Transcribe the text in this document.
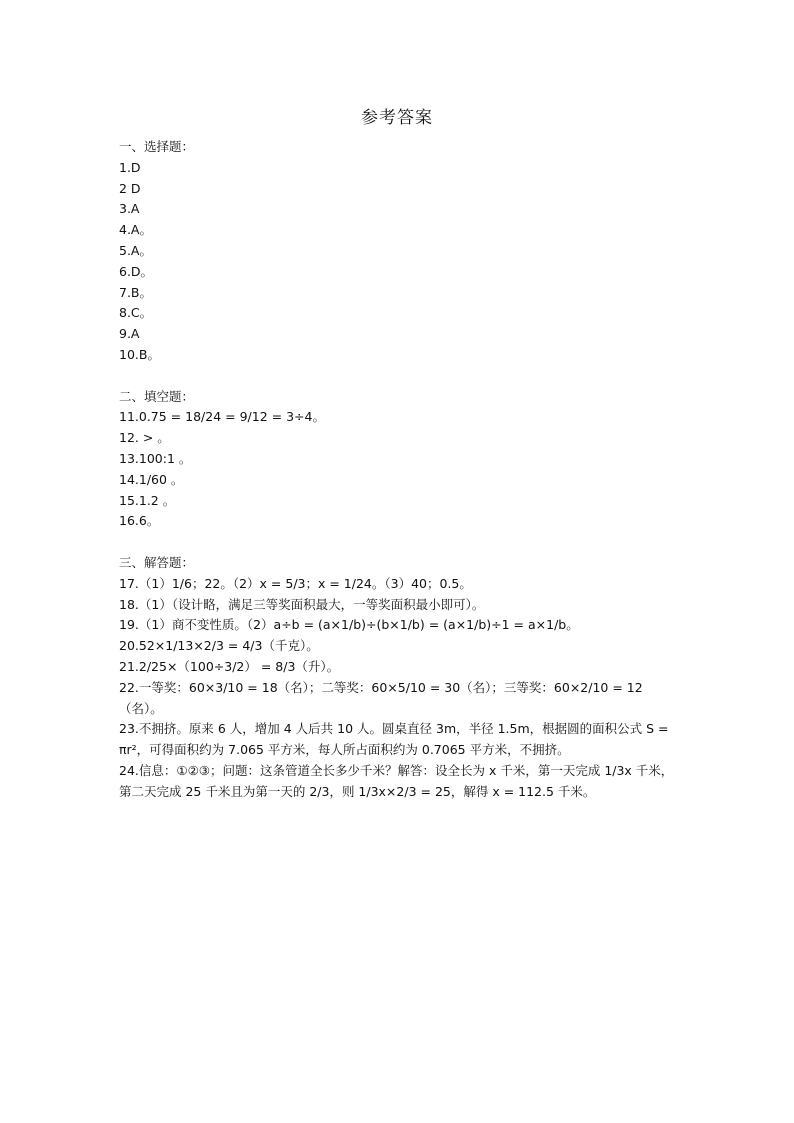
参考答案
一、选择题：
1.D
2 D
3.A
4.A。
5.A。
6.D。
7.B。
8.C。
9.A
10.B。
二、填空题：
11.0.75 = 18/24 = 9/12 = 3÷4。
12. > 。
13.100:1 。
14.1/60 。
15.1.2 。
16.6。
三、解答题：
17.（1）1/6；22。（2）x = 5/3；x = 1/24。（3）40；0.5。
18.（1）（设计略，满足三等奖面积最大，一等奖面积最小即可）。
19.（1）商不变性质。（2）a÷b = (a×1/b)÷(b×1/b) = (a×1/b)÷1 = a×1/b。
20.52×1/13×2/3 = 4/3（千克）。
21.2/25×（100÷3/2） = 8/3（升）。
22.一等奖：60×3/10 = 18（名）；二等奖：60×5/10 = 30（名）；三等奖：60×2/10 = 12（名）。
23.不拥挤。原来 6 人，增加 4 人后共 10 人。圆桌直径 3m，半径 1.5m，根据圆的面积公式 S = πr²，可得面积约为 7.065 平方米，每人所占面积约为 0.7065 平方米，不拥挤。
24.信息：①②③；问题：这条管道全长多少千米？解答：设全长为 x 千米，第一天完成 1/3x 千米，第二天完成 25 千米且为第一天的 2/3，则 1/3x×2/3 = 25，解得 x = 112.5 千米。
